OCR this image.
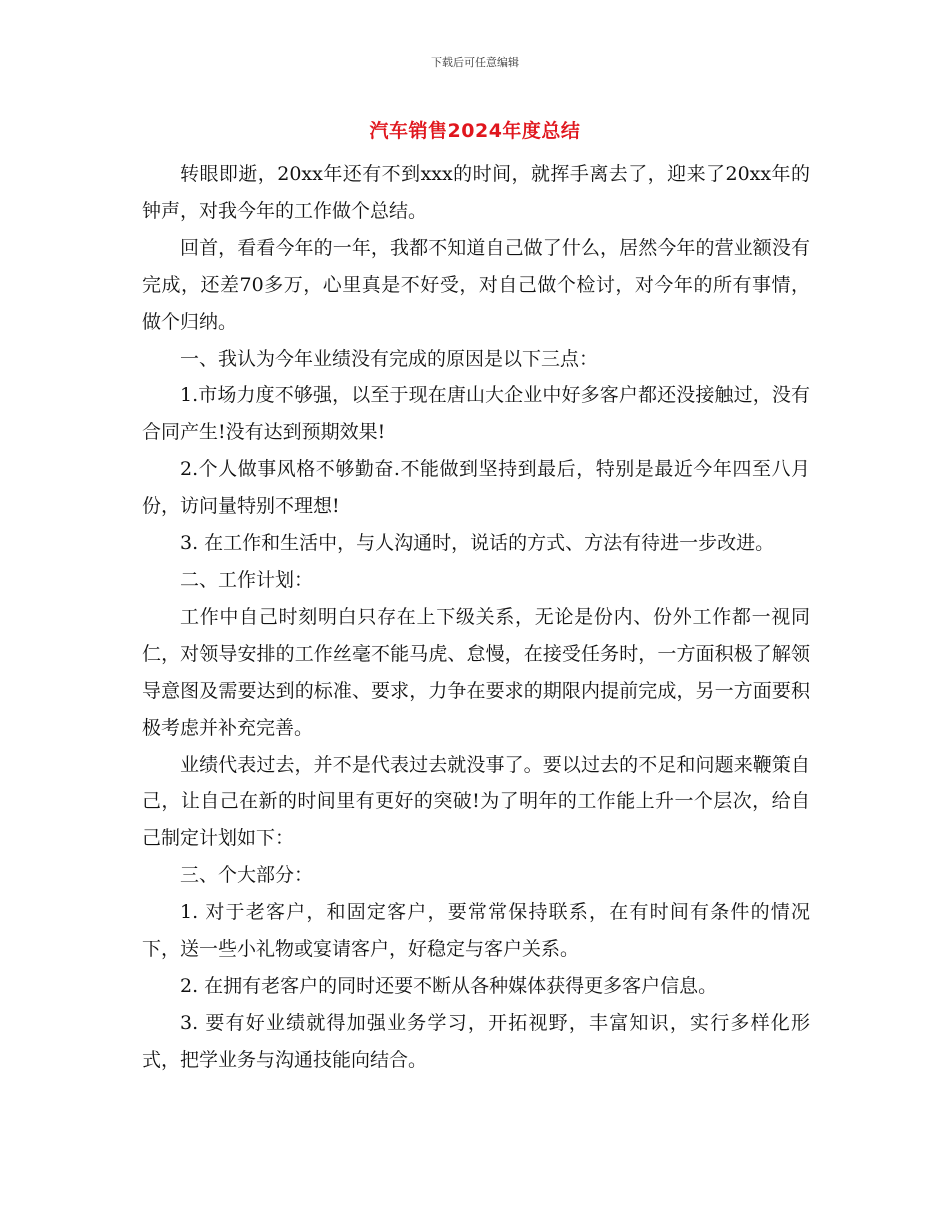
下载后可任意编辑
汽车销售2024年度总结

转眼即逝，20xx年还有不到xxx的时间，就挥手离去了，迎来了20xx年的钟声，对我今年的工作做个总结。

回首，看看今年的一年，我都不知道自己做了什么，居然今年的营业额没有完成，还差70多万，心里真是不好受，对自己做个检讨，对今年的所有事情，做个归纳。

一、我认为今年业绩没有完成的原因是以下三点：

1.市场力度不够强，以至于现在唐山大企业中好多客户都还没接触过，没有合同产生!没有达到预期效果!

2.个人做事风格不够勤奋.不能做到坚持到最后，特别是最近今年四至八月份，访问量特别不理想!

3. 在工作和生活中，与人沟通时，说话的方式、方法有待进一步改进。

二、工作计划：

工作中自己时刻明白只存在上下级关系，无论是份内、份外工作都一视同仁，对领导安排的工作丝毫不能马虎、怠慢，在接受任务时，一方面积极了解领导意图及需要达到的标准、要求，力争在要求的期限内提前完成，另一方面要积极考虑并补充完善。

业绩代表过去，并不是代表过去就没事了。要以过去的不足和问题来鞭策自己，让自己在新的时间里有更好的突破!为了明年的工作能上升一个层次，给自己制定计划如下：

三、个大部分：

1. 对于老客户，和固定客户，要常常保持联系，在有时间有条件的情况下，送一些小礼物或宴请客户，好稳定与客户关系。

2. 在拥有老客户的同时还要不断从各种媒体获得更多客户信息。

3. 要有好业绩就得加强业务学习，开拓视野，丰富知识，实行多样化形式，把学业务与沟通技能向结合。
